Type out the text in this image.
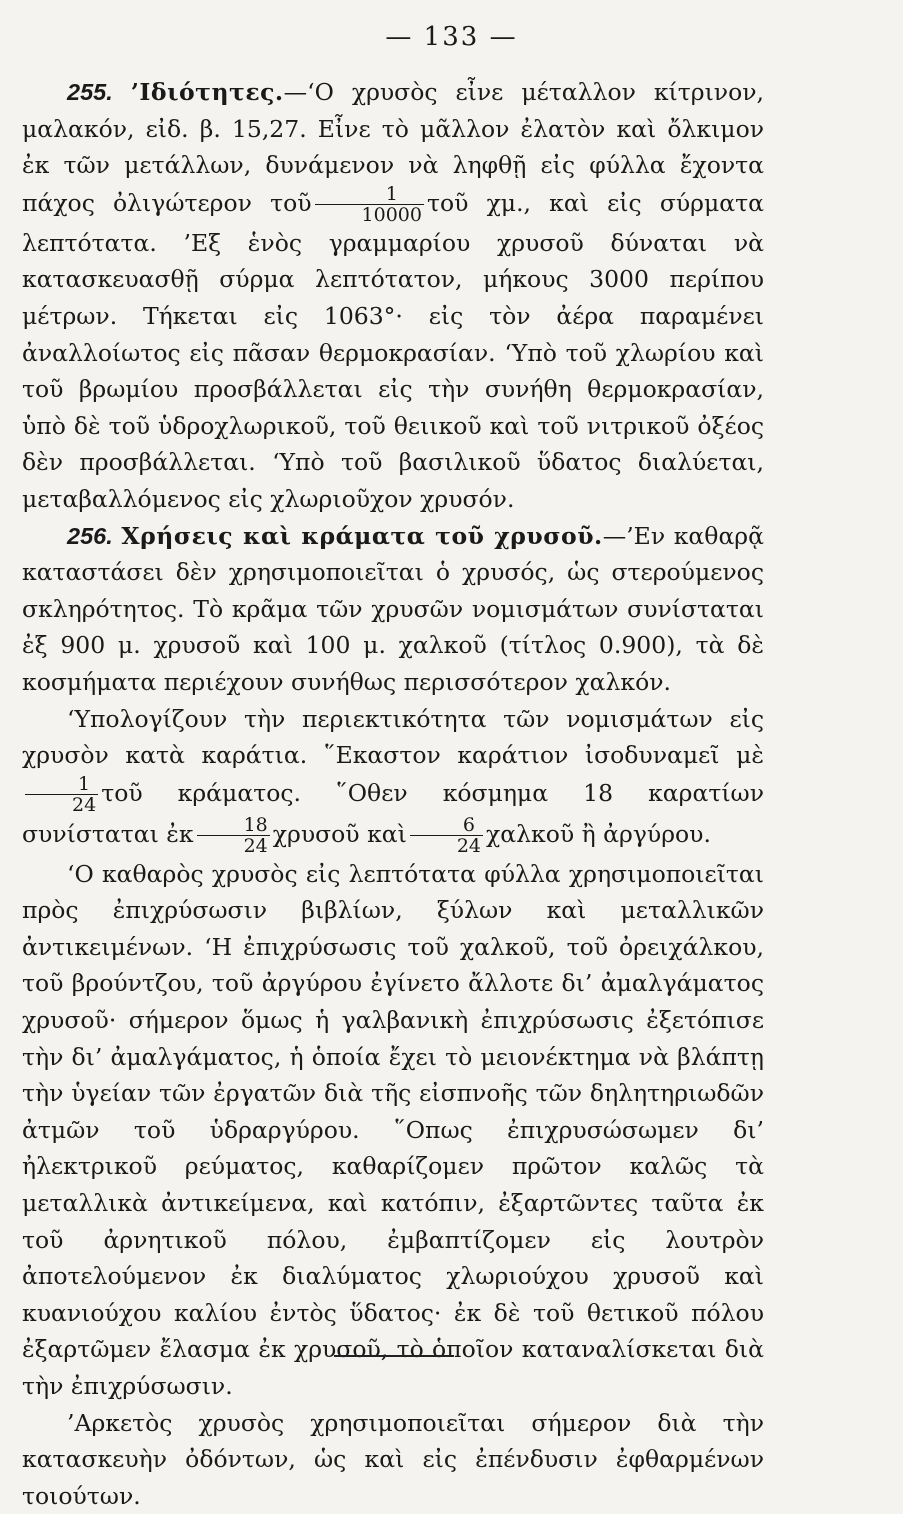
— 133 —

255. ’Ιδιότητες.—‘Ο χρυσὸς εἶνε μέταλλον κίτρινον, μαλακόν, εἰδ. β. 15,27. Εἶνε τὸ μᾶλλον ἐλατὸν καὶ ὄλκιμον ἐκ τῶν μετάλλων, δυνάμενον νὰ ληφθῇ εἰς φύλλα ἔχοντα πάχος ὀλιγώτερον τοῦ $\frac{1}{10000}$ τοῦ χμ., καὶ εἰς σύρματα λεπτότατα. ’Εξ ἑνὸς γραμμαρίου χρυσοῦ δύναται νὰ κατασκευασθῇ σύρμα λεπτότατον, μήκους 3000 περίπου μέτρων. Τήκεται εἰς 1063°· εἰς τὸν ἀέρα παραμένει ἀναλλοίωτος εἰς πᾶσαν θερμοκρασίαν. ‘Υπὸ τοῦ χλωρίου καὶ τοῦ βρωμίου προσβάλλεται εἰς τὴν συνήθη θερμοκρασίαν, ὑπὸ δὲ τοῦ ὑδροχλωρικοῦ, τοῦ θειικοῦ καὶ τοῦ νιτρικοῦ ὀξέος δὲν προσβάλλεται. ‘Υπὸ τοῦ βασιλικοῦ ὕδατος διαλύεται, μεταβαλλόμενος εἰς χλωριοῦχον χρυσόν.

256. Χρήσεις καὶ κράματα τοῦ χρυσοῦ.—’Εν καθαρᾷ καταστάσει δὲν χρησιμοποιεῖται ὁ χρυσός, ὡς στερούμενος σκληρότητος. Τὸ κρᾶμα τῶν χρυσῶν νομισμάτων συνίσταται ἐξ 900 μ. χρυσοῦ καὶ 100 μ. χαλκοῦ (τίτλος 0.900), τὰ δὲ κοσμήματα περιέχουν συνήθως περισσότερον χαλκόν.

‘Υπολογίζουν τὴν περιεκτικότητα τῶν νομισμάτων εἰς χρυσὸν κατὰ καράτια. ῞Εκαστον καράτιον ἰσοδυναμεῖ μὲ
$\frac{1}{24}$ τοῦ κράματος. ῞Οθεν κόσμημα 18 καρατίων συνίσταται ἐκ $\frac{18}{24}$ χρυσοῦ καὶ $\frac{6}{24}$ χαλκοῦ ἢ ἀργύρου.

‘Ο καθαρὸς χρυσὸς εἰς λεπτότατα φύλλα χρησιμοποιεῖται πρὸς ἐπιχρύσωσιν βιβλίων, ξύλων καὶ μεταλλικῶν ἀντικειμένων. ‘Η ἐπιχρύσωσις τοῦ χαλκοῦ, τοῦ ὀρειχάλκου, τοῦ βρούντζου, τοῦ ἀργύρου ἐγίνετο ἄλλοτε δι’ ἀμαλγάματος χρυσοῦ· σήμερον ὅμως ἡ γαλβανικὴ ἐπιχρύσωσις ἐξετόπισε τὴν δι’ ἀμαλγάματος, ἡ ὁποία ἔχει τὸ μειονέκτημα νὰ βλάπτῃ τὴν ὑγείαν τῶν ἐργατῶν διὰ τῆς εἰσπνοῆς τῶν δηλητηριωδῶν ἀτμῶν τοῦ ὑδραργύρου. ῞Οπως ἐπιχρυσώσωμεν δι’ ἠλεκτρικοῦ ρεύματος, καθαρίζομεν πρῶτον καλῶς τὰ μεταλλικὰ ἀντικείμενα, καὶ κατόπιν, ἐξαρτῶντες ταῦτα ἐκ τοῦ ἀρνητικοῦ πόλου, ἐμβαπτίζομεν εἰς λουτρὸν ἀποτελούμενον ἐκ διαλύματος χλωριούχου χρυσοῦ καὶ κυανιούχου καλίου ἐντὸς ὕδατος· ἐκ δὲ τοῦ θετικοῦ πόλου ἐξαρτῶμεν ἔλασμα ἐκ χρυσοῦ, τὸ ὁποῖον καταναλίσκεται διὰ τὴν ἐπιχρύσωσιν.

’Αρκετὸς χρυσὸς χρησιμοποιεῖται σήμερον διὰ τὴν κατασκευὴν ὀδόντων, ὡς καὶ εἰς ἐπένδυσιν ἐφθαρμένων τοιούτων.
